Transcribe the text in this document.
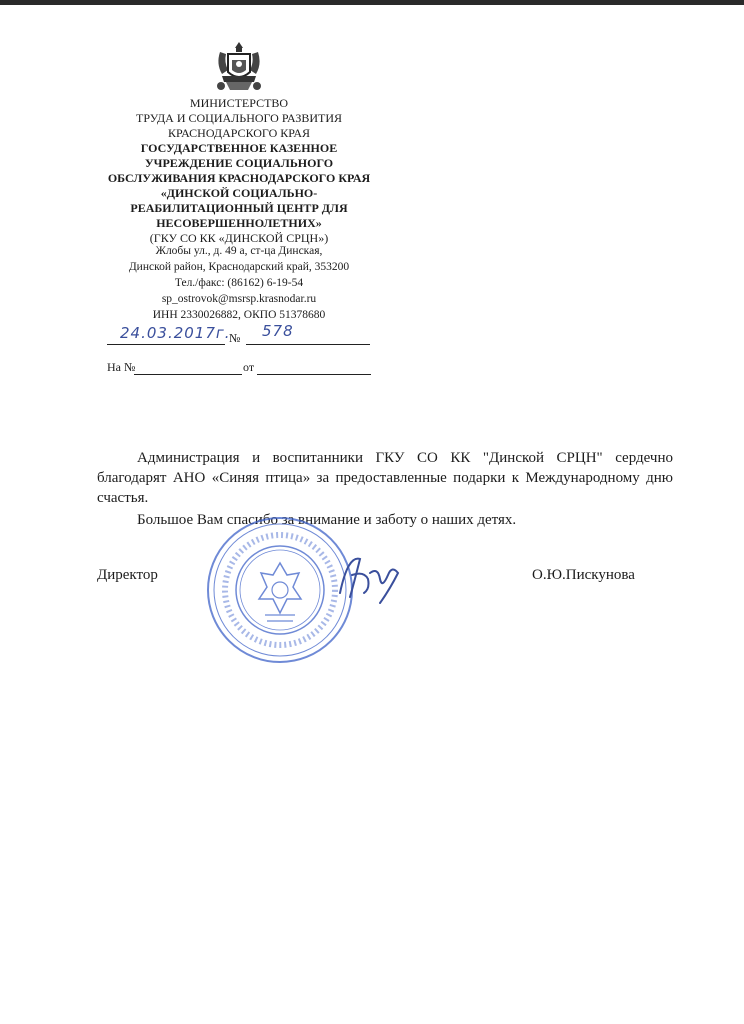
МИНИСТЕРСТВО
ТРУДА И СОЦИАЛЬНОГО РАЗВИТИЯ
КРАСНОДАРСКОГО КРАЯ
ГОСУДАРСТВЕННОЕ КАЗЕННОЕ
УЧРЕЖДЕНИЕ СОЦИАЛЬНОГО
ОБСЛУЖИВАНИЯ КРАСНОДАРСКОГО КРАЯ
«ДИНСКОЙ СОЦИАЛЬНО-
РЕАБИЛИТАЦИОННЫЙ ЦЕНТР ДЛЯ
НЕСОВЕРШЕННОЛЕТНИХ»
(ГКУ СО КК «ДИНСКОЙ СРЦН»)
Жлобы ул., д. 49 а, ст-ца Динская,
Динской район, Краснодарский край, 353200
Тел./факс: (86162) 6-19-54
sp_ostrovok@msrsp.krasnodar.ru
ИНН 2330026882, ОКПО 51378680
24.03.2017г.
№ 578
На №	от

Администрация и воспитанники ГКУ СО КК "Динской СРЦН" сердечно благодарят АНО «Синяя птица» за предоставленные подарки к Международному дню счастья.

Большое Вам спасибо за внимание и заботу о наших детях.

Директор	О.Ю.Пискунова
